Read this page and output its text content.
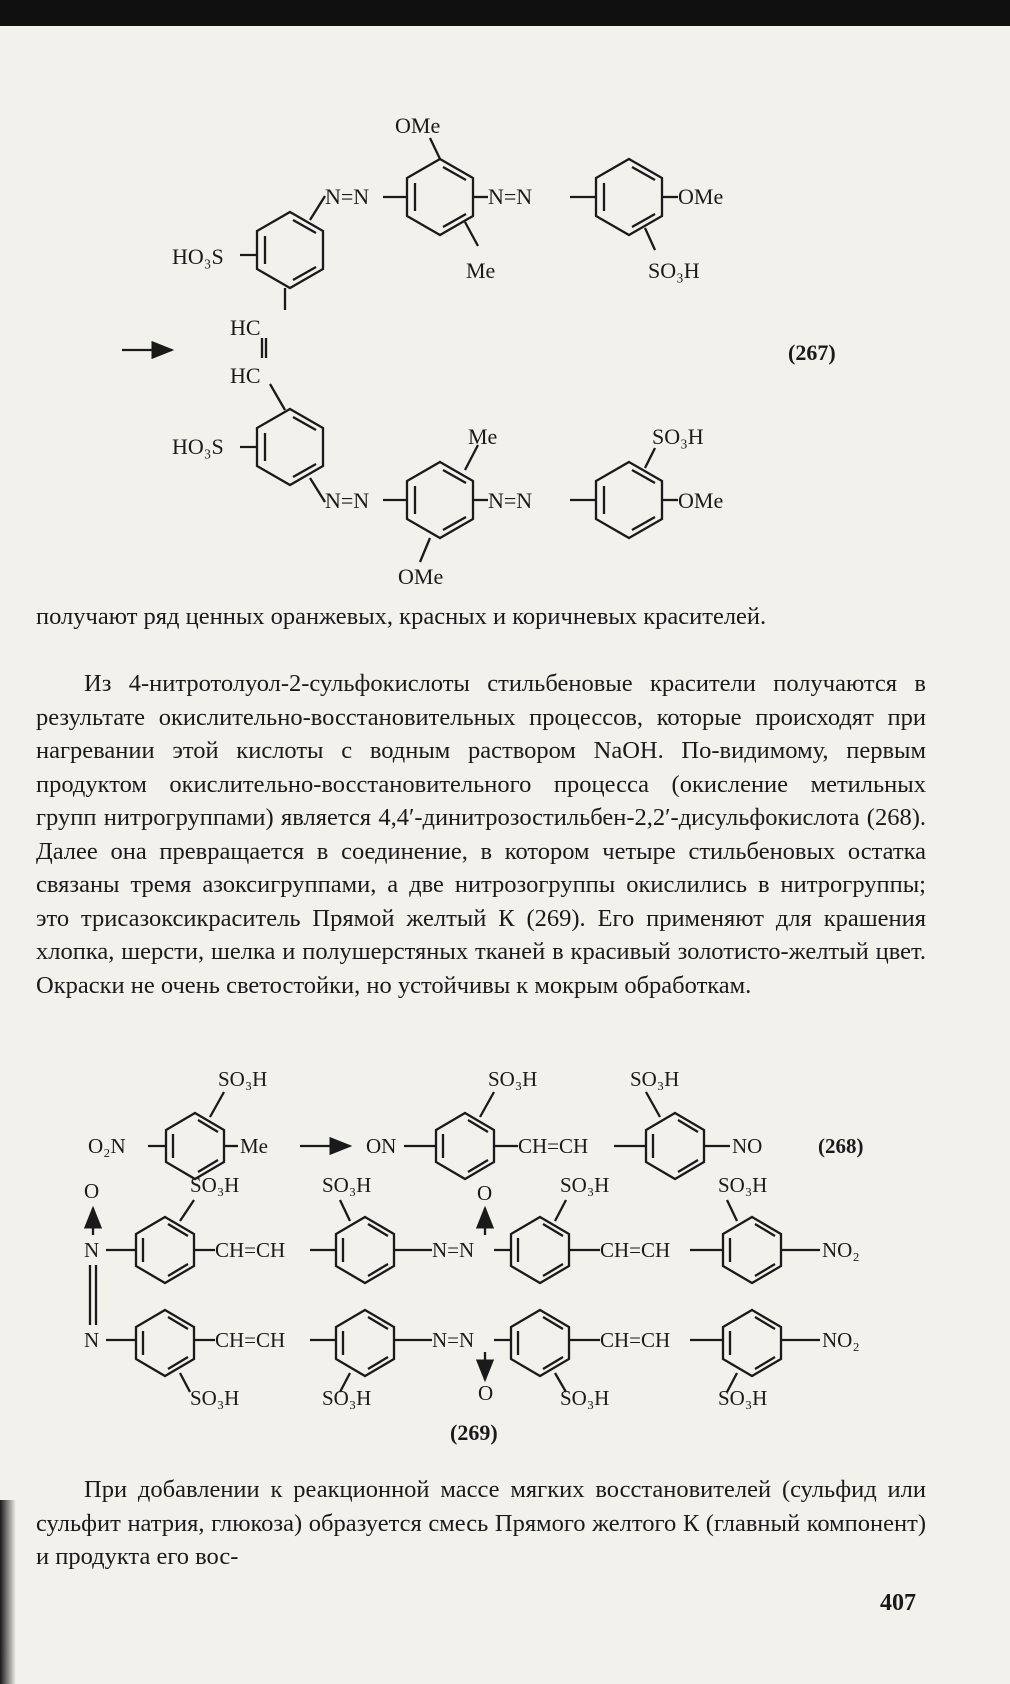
OMe
N=N	N=N	OMe
HO₃S
Me	SO₃H
HC
HC
(267)
HO₃S	Me	SO₃H
N=N	N=N	OMe
OMe
получают ряд ценных оранжевых, красных и коричневых красителей.
Из 4-нитротолуол-2-сульфокислоты стильбеновые красители получаются в результате окислительно-восстановительных процессов, которые происходят при нагревании этой кислоты с водным раствором NaOH. По-видимому, первым продуктом окислительно-восстановительного процесса (окисление метильных групп нитрогруппами) является 4,4′-динитрозостильбен-2,2′-дисульфокислота (268). Далее она превращается в соединение, в котором четыре стильбеновых остатка связаны тремя азоксигруппами, а две нитрозогруппы окислились в нитрогруппы; это трисазоксикраситель Прямой желтый К (269). Его применяют для крашения хлопка, шерсти, шелка и полушерстяных тканей в красивый золотисто-желтый цвет. Окраски не очень светостойки, но устойчивы к мокрым обработкам.
SO₃H	SO₃H	SO₃H
O₂N	Me	ON	CH=CH	NO	(268)
O
N
SO₃H	SO₃H	O	SO₃H	SO₃H
CH=CH	N=N	CH=CH	NO₂
N	CH=CH	N=N	CH=CH	NO₂
O
SO₃H	SO₃H	SO₃H	SO₃H
(269)
При добавлении к реакционной массе мягких восстановителей (сульфид или сульфит натрия, глюкоза) образуется смесь Прямого желтого К (главный компонент) и продукта его вос-
407
